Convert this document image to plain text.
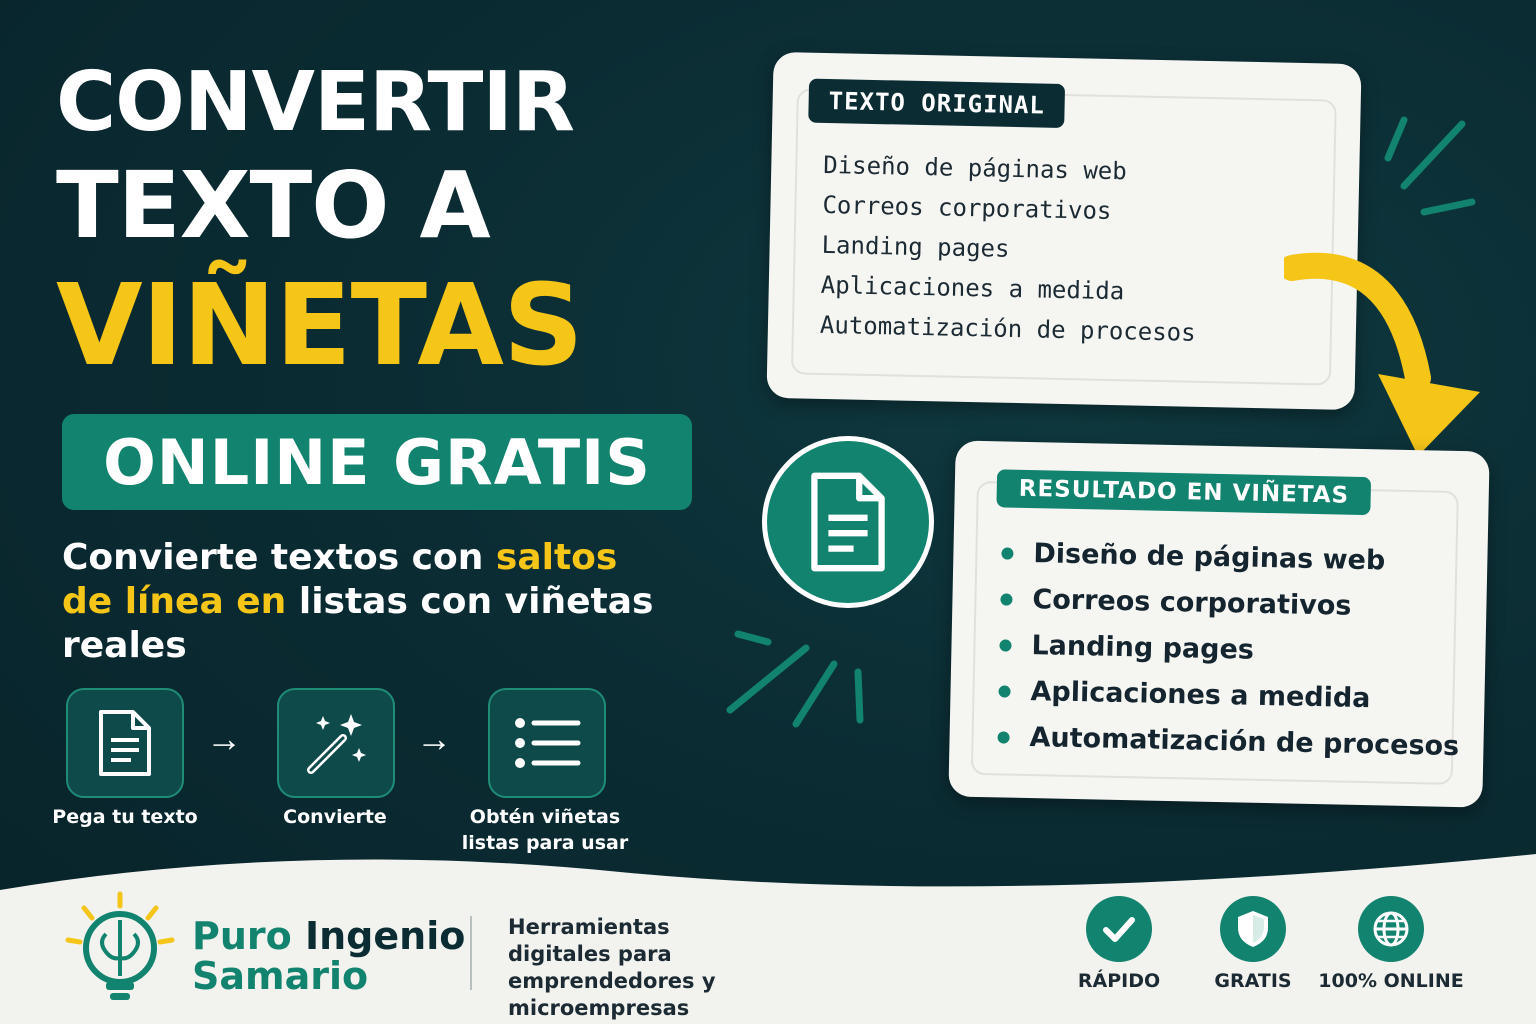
CONVERTIR
TEXTO A
VIÑETAS
ONLINE GRATIS
Convierte textos con saltos de línea en listas con viñetas reales
→	→
Pega tu texto	Convierte	Obtén viñetas listas para usar
TEXTO ORIGINAL
Diseño de páginas web
Correos corporativos
Landing pages
Aplicaciones a medida
Automatización de procesos
RESULTADO EN VIÑETAS
Diseño de páginas web
Correos corporativos
Landing pages
Aplicaciones a medida
Automatización de procesos
Puro Ingenio
Samario
Herramientas digitales para emprendedores y microempresas
RÁPIDO	GRATIS	100% ONLINE
